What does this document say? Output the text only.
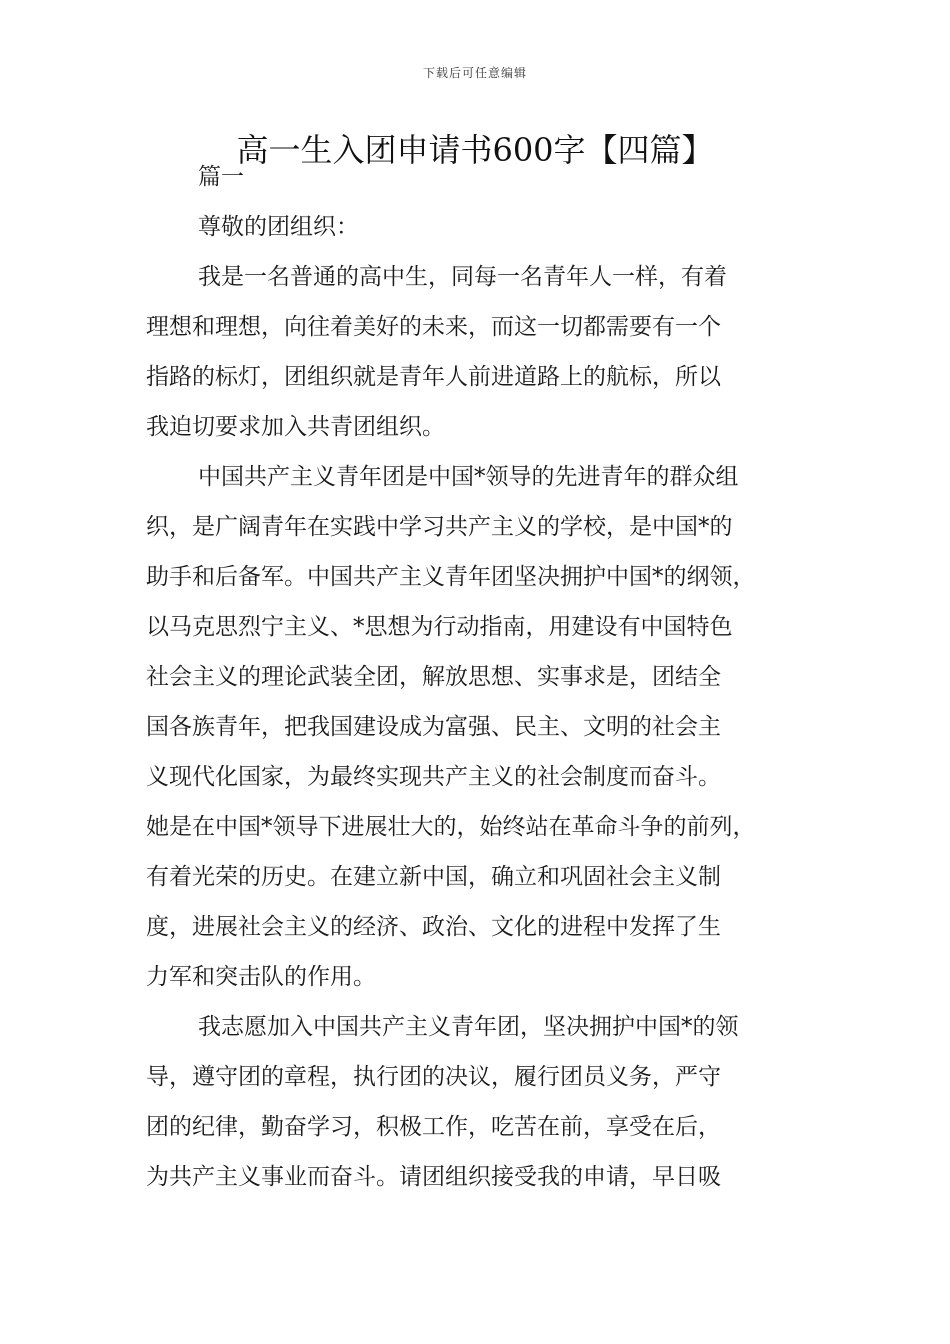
下载后可任意编辑
高一生入团申请书600字【四篇】

篇一

尊敬的团组织：

我是一名普通的高中生，同每一名青年人一样，有着

理想和理想，向往着美好的未来，而这一切都需要有一个

指路的标灯，团组织就是青年人前进道路上的航标，所以

我迫切要求加入共青团组织。

中国共产主义青年团是中国*领导的先进青年的群众组

织，是广阔青年在实践中学习共产主义的学校，是中国*的

助手和后备军。中国共产主义青年团坚决拥护中国*的纲领，

以马克思烈宁主义、*思想为行动指南，用建设有中国特色

社会主义的理论武装全团，解放思想、实事求是，团结全

国各族青年，把我国建设成为富强、民主、文明的社会主

义现代化国家，为最终实现共产主义的社会制度而奋斗。

她是在中国*领导下进展壮大的，始终站在革命斗争的前列，

有着光荣的历史。在建立新中国，确立和巩固社会主义制

度，进展社会主义的经济、政治、文化的进程中发挥了生

力军和突击队的作用。

我志愿加入中国共产主义青年团，坚决拥护中国*的领

导，遵守团的章程，执行团的决议，履行团员义务，严守

团的纪律，勤奋学习，积极工作，吃苦在前，享受在后，

为共产主义事业而奋斗。请团组织接受我的申请，早日吸
